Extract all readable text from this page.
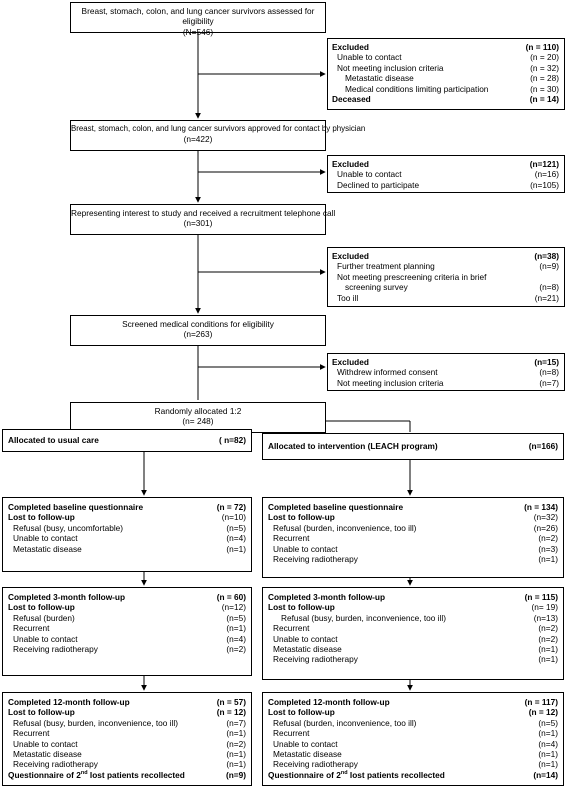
Breast, stomach, colon, and lung cancer survivors assessed for eligibility
(N=546)
Breast, stomach, colon, and lung cancer survivors approved for contact by physician
(n=422)
Representing interest to study and received a recruitment telephone call
(n=301)
Screened medical conditions for eligibility
(n=263)
Randomly allocated 1:2
(n= 248)
Excluded	(n = 110)
Unable to contact	(n = 20)
Not meeting inclusion criteria	(n = 32)
Metastatic disease	(n = 28)
Medical conditions limiting participation	(n = 30)
Deceased	(n = 14)
Excluded	(n=121)
Unable to contact	(n=16)
Declined to participate	(n=105)
Excluded	(n=38)
Further treatment planning	(n=9)
Not meeting prescreening criteria in brief
screening survey	(n=8)
Too ill	(n=21)
Excluded	(n=15)
Withdrew informed consent	(n=8)
Not meeting inclusion criteria	(n=7)
Allocated to usual care	( n=82)
Allocated to intervention (LEACH program)	(n=166)
Completed baseline questionnaire	(n = 72)
Lost to follow-up	(n=10)
Refusal (busy, uncomfortable)	(n=5)
Unable to contact	(n=4)
Metastatic disease	(n=1)
Completed 3-month follow-up	(n = 60)
Lost to follow-up	(n=12)
Refusal (burden)	(n=5)
Recurrent	(n=1)
Unable to contact	(n=4)
Receiving radiotherapy	(n=2)
Completed 12-month follow-up	(n = 57)
Lost to follow-up	(n = 12)
Refusal (busy, burden, inconvenience, too ill)	(n=7)
Recurrent	(n=1)
Unable to contact	(n=2)
Metastatic disease	(n=1)
Receiving radiotherapy	(n=1)
Questionnaire of 2nd lost patients recollected	(n=9)
Completed baseline questionnaire	(n = 134)
Lost to follow-up	(n=32)
Refusal (burden, inconvenience, too ill)	(n=26)
Recurrent	(n=2)
Unable to contact	(n=3)
Receiving radiotherapy	(n=1)
Completed 3-month follow-up	(n = 115)
Lost to follow-up	(n= 19)
Refusal (busy, burden, inconvenience, too ill)	(n=13)
Recurrent	(n=2)
Unable to contact	(n=2)
Metastatic disease	(n=1)
Receiving radiotherapy	(n=1)
Completed 12-month follow-up	(n = 117)
Lost to follow-up	(n = 12)
Refusal (burden, inconvenience, too ill)	(n=5)
Recurrent	(n=1)
Unable to contact	(n=4)
Metastatic disease	(n=1)
Receiving radiotherapy	(n=1)
Questionnaire of 2nd lost patients recollected	(n=14)
